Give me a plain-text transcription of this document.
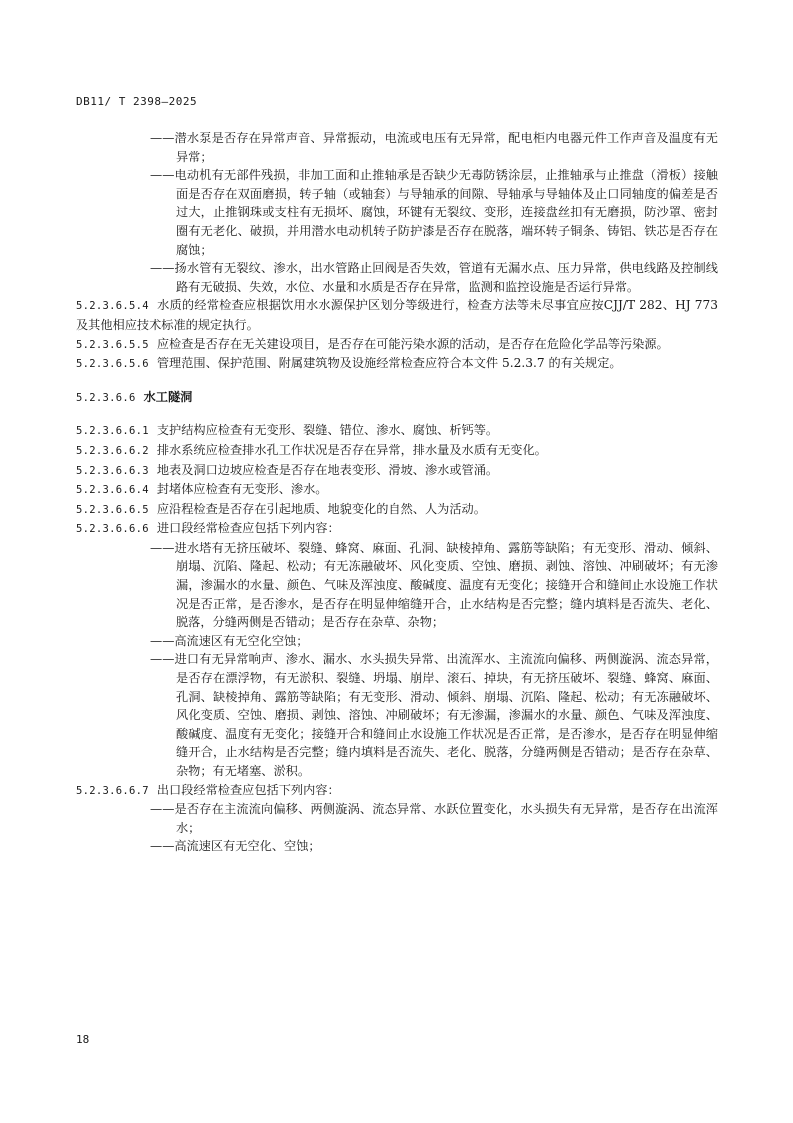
DB11/ T 2398—2025
——潜水泵是否存在异常声音、异常振动，电流或电压有无异常，配电柜内电器元件工作声音及温度有无异常；
——电动机有无部件残损，非加工面和止推轴承是否缺少无毒防锈涂层，止推轴承与止推盘（滑板）接触面是否存在双面磨损，转子轴（或轴套）与导轴承的间隙、导轴承与导轴体及止口同轴度的偏差是否过大，止推钢珠或支柱有无损坏、腐蚀，环键有无裂纹、变形，连接盘丝扣有无磨损，防沙罩、密封圈有无老化、破损，并用潜水电动机转子防护漆是否存在脱落，端环转子铜条、铸铝、铁芯是否存在腐蚀；
——扬水管有无裂纹、渗水，出水管路止回阀是否失效，管道有无漏水点、压力异常，供电线路及控制线路有无破损、失效，水位、水量和水质是否存在异常，监测和监控设施是否运行异常。

5.2.3.6.5.4 水质的经常检查应根据饮用水水源保护区划分等级进行，检查方法等未尽事宜应按CJJ/T 282、HJ 773 及其他相应技术标准的规定执行。

5.2.3.6.5.5 应检查是否存在无关建设项目，是否存在可能污染水源的活动，是否存在危险化学品等污染源。

5.2.3.6.5.6 管理范围、保护范围、附属建筑物及设施经常检查应符合本文件 5.2.3.7 的有关规定。

5.2.3.6.6 水工隧洞

5.2.3.6.6.1 支护结构应检查有无变形、裂缝、错位、渗水、腐蚀、析钙等。

5.2.3.6.6.2 排水系统应检查排水孔工作状况是否存在异常，排水量及水质有无变化。

5.2.3.6.6.3 地表及洞口边坡应检查是否存在地表变形、滑坡、渗水或管涌。

5.2.3.6.6.4 封堵体应检查有无变形、渗水。

5.2.3.6.6.5 应沿程检查是否存在引起地质、地貌变化的自然、人为活动。

5.2.3.6.6.6 进口段经常检查应包括下列内容：

——进水塔有无挤压破坏、裂缝、蜂窝、麻面、孔洞、缺棱掉角、露筋等缺陷；有无变形、滑动、倾斜、崩塌、沉陷、隆起、松动；有无冻融破坏、风化变质、空蚀、磨损、剥蚀、溶蚀、冲刷破坏；有无渗漏，渗漏水的水量、颜色、气味及浑浊度、酸碱度、温度有无变化；接缝开合和缝间止水设施工作状况是否正常，是否渗水，是否存在明显伸缩缝开合，止水结构是否完整；缝内填料是否流失、老化、脱落，分缝两侧是否错动；是否存在杂草、杂物；
——高流速区有无空化空蚀；
——进口有无异常响声、渗水、漏水、水头损失异常、出流浑水、主流流向偏移、两侧漩涡、流态异常，是否存在漂浮物，有无淤积、裂缝、坍塌、崩岸、滚石、掉块，有无挤压破坏、裂缝、蜂窝、麻面、孔洞、缺棱掉角、露筋等缺陷；有无变形、滑动、倾斜、崩塌、沉陷、隆起、松动；有无冻融破坏、风化变质、空蚀、磨损、剥蚀、溶蚀、冲刷破坏；有无渗漏，渗漏水的水量、颜色、气味及浑浊度、酸碱度、温度有无变化；接缝开合和缝间止水设施工作状况是否正常，是否渗水，是否存在明显伸缩缝开合，止水结构是否完整；缝内填料是否流失、老化、脱落，分缝两侧是否错动；是否存在杂草、杂物；有无堵塞、淤积。

5.2.3.6.6.7 出口段经常检查应包括下列内容：

——是否存在主流流向偏移、两侧漩涡、流态异常、水跃位置变化，水头损失有无异常，是否存在出流浑水；
——高流速区有无空化、空蚀；
18
